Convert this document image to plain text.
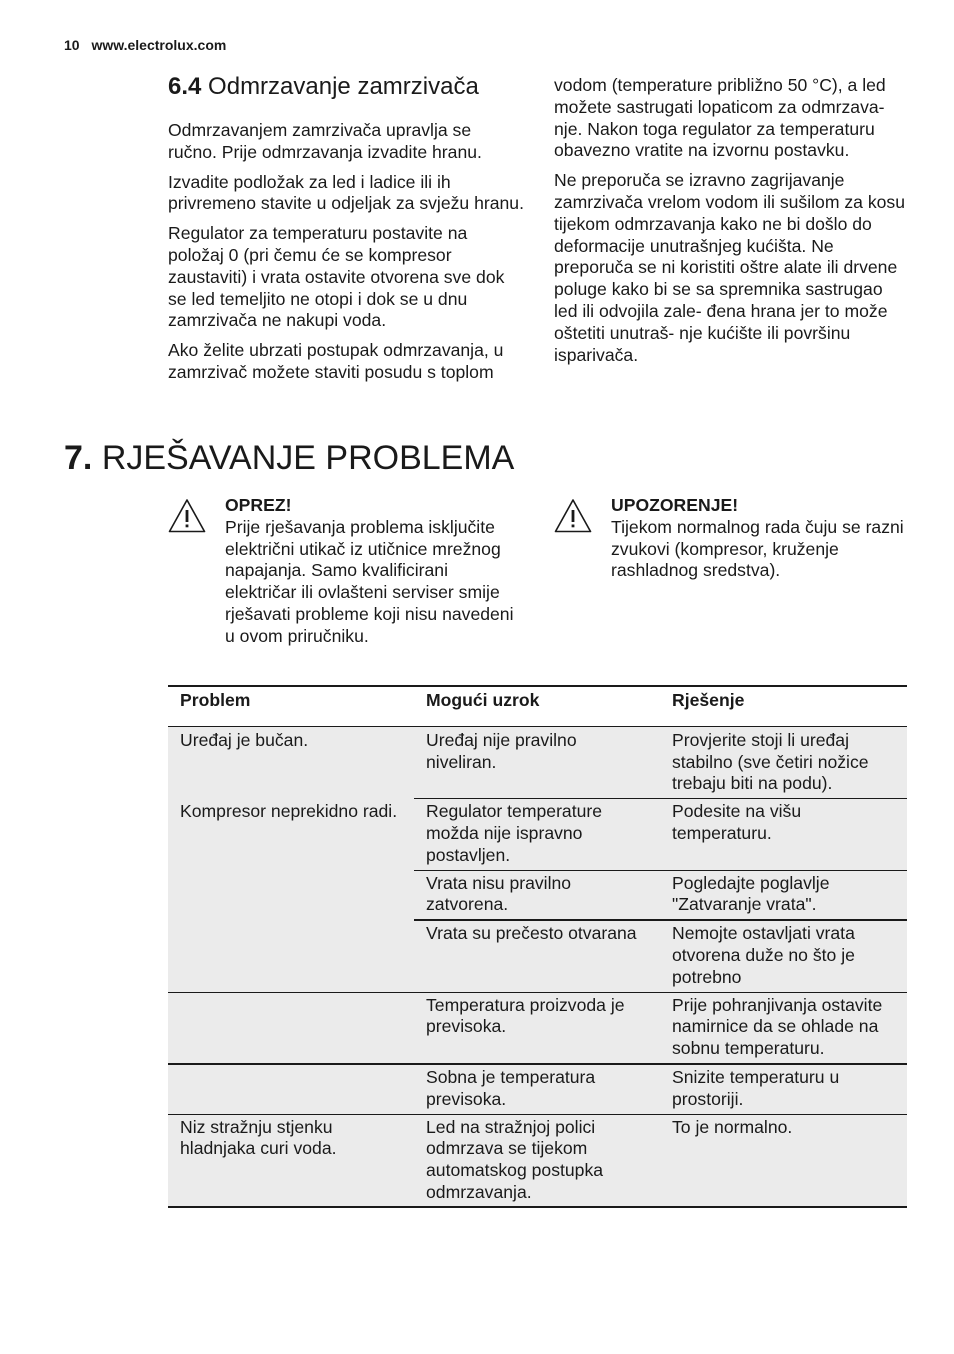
10 www.electrolux.com
6.4 Odmrzavanje zamrzivača

Odmrzavanjem zamrzivača upravlja se ručno. Prije odmrzavanja izvadite hranu.

Izvadite podložak za led i ladice ili ih privremeno stavite u odjeljak za svježu hranu.

Regulator za temperaturu postavite na položaj 0 (pri čemu će se kompresor zaustaviti) i vrata ostavite otvorena sve dok se led temeljito ne otopi i dok se u dnu zamrzivača ne nakupi voda.

Ako želite ubrzati postupak odmrzavanja, u zamrzivač možete staviti posudu s toplom

vodom (temperature približno 50 °C), a led možete sastrugati lopaticom za odmrzava- nje. Nakon toga regulator za temperaturu obavezno vratite na izvornu postavku.

Ne preporuča se izravno zagrijavanje zamrzivača vrelom vodom ili sušilom za kosu tijekom odmrzavanja kako ne bi došlo do deformacije unutrašnjeg kućišta. Ne preporuča se ni koristiti oštre alate ili drvene poluge kako bi se sa spremnika sastrugao led ili odvojila zale- đena hrana jer to može oštetiti unutraš- nje kućište ili površinu isparivača.

7. RJEŠAVANJE PROBLEMA
OPREZ!
Prije rješavanja problema isključite električni utikač iz utičnice mrežnog napajanja. Samo kvalificirani električar ili ovlašteni serviser smije rješavati probleme koji nisu navedeni u ovom priručniku.
UPOZORENJE!
Tijekom normalnog rada čuju se razni zvukovi (kompresor, kruženje rashladnog sredstva).
Problem	Mogući uzrok	Rješenje
Uređaj je bučan.	Uređaj nije pravilno niveliran.	Provjerite stoji li uređaj stabilno (sve četiri nožice trebaju biti na podu).
Kompresor neprekidno radi.	Regulator temperature možda nije ispravno postavljen.	Podesite na višu temperaturu.
	Vrata nisu pravilno zatvorena.	Pogledajte poglavlje "Zatvaranje vrata".
	Vrata su prečesto otvarana	Nemojte ostavljati vrata otvorena duže no što je potrebno
	Temperatura proizvoda je previsoka.	Prije pohranjivanja ostavite namirnice da se ohlade na sobnu temperaturu.
	Sobna je temperatura previsoka.	Snizite temperaturu u prostoriji.
Niz stražnju stjenku hladnjaka curi voda.	Led na stražnjoj polici odmrzava se tijekom automatskog postupka odmrzavanja.	To je normalno.
